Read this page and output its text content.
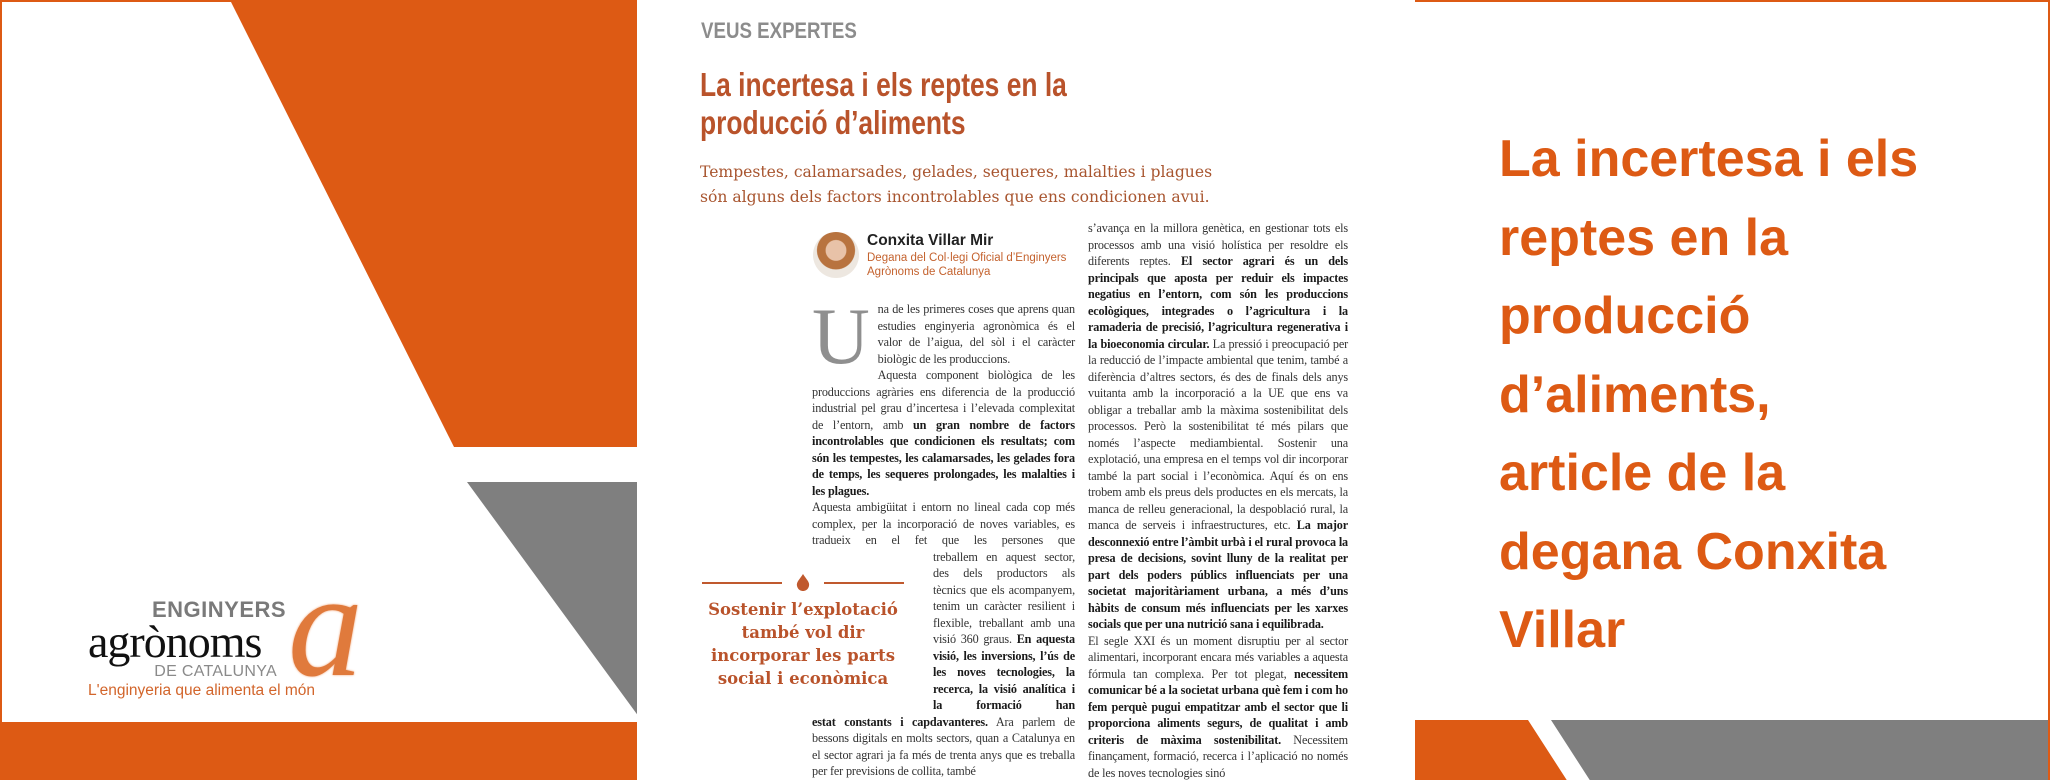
ENGINYERS
agrònoms
DE CATALUNYA
L'enginyeria que alimenta el món
a
VEUS EXPERTES
La incertesa i els reptes en la
producció d’aliments
Tempestes, calamarsades, gelades, sequeres, malalties i plagues
són alguns dels factors incontrolables que ens condicionen avui.
Conxita Villar Mir
Degana del Col·legi Oficial d’Enginyers
Agrònoms de Catalunya
U na de les primeres coses que aprens quan estudies enginyeria agronòmica és el valor de l’aigua, del sòl i el caràcter biològic de les produccions.

Aquesta component biològica de les produccions agràries ens diferencia de la producció industrial pel grau d’incertesa i l’elevada complexitat de l’entorn, amb un gran nombre de factors incontrolables que condicionen els resultats; com són les tempestes, les calamarsades, les gelades fora de temps, les sequeres prolongades, les malalties i les plagues.

Aquesta ambigüitat i entorn no lineal cada cop més complex, per la incorporació de noves variables, es tradueix en el fet que les persones que

Sostenir l’explotació
també vol dir
incorporar les parts
social i econòmica

treballem en aquest sector, des dels productors als tècnics que els acompanyem, tenim un caràcter resilient i flexible, treballant amb una visió 360 graus. En aquesta visió, les inversions, l’ús de les noves tecnologies, la recerca, la visió analítica i la formació han

estat constants i capdavanteres. Ara parlem de bessons digitals en molts sectors, quan a Catalunya en el sector agrari ja fa més de trenta anys que es treballa per fer previsions de collita, també

s’avança en la millora genètica, en gestionar tots els processos amb una visió holística per resoldre els diferents reptes. El sector agrari és un dels principals que aposta per reduir els impactes negatius en l’entorn, com són les produccions ecològiques, integrades o l’agricultura i la ramaderia de precisió, l’agricultura regenerativa i la bioeconomia circular. La pressió i preocupació per la reducció de l’impacte ambiental que tenim, també a diferència d’altres sectors, és des de finals dels anys vuitanta amb la incorporació a la UE que ens va obligar a treballar amb la màxima sostenibilitat dels processos. Però la sostenibilitat té més pilars que només l’aspecte mediambiental. Sostenir una explotació, una empresa en el temps vol dir incorporar també la part social i l’econòmica. Aquí és on ens trobem amb els preus dels productes en els mercats, la manca de relleu generacional, la despoblació rural, la manca de serveis i infraestructures, etc. La major desconnexió entre l’àmbit urbà i el rural provoca la presa de decisions, sovint lluny de la realitat per part dels poders públics influenciats per una societat majoritàriament urbana, a més d’uns hàbits de consum més influenciats per les xarxes socials que per una nutrició sana i equilibrada.

El segle XXI és un moment disruptiu per al sector alimentari, incorporant encara més variables a aquesta fórmula tan complexa. Per tot plegat, necessitem comunicar bé a la societat urbana què fem i com ho fem perquè pugui empatitzar amb el sector que li proporciona aliments segurs, de qualitat i amb criteris de màxima sostenibilitat. Necessitem finançament, formació, recerca i l’aplicació no només de les noves tecnologies sinó

La incertesa i els
reptes en la
producció
d’aliments,
article de la
degana Conxita
Villar
